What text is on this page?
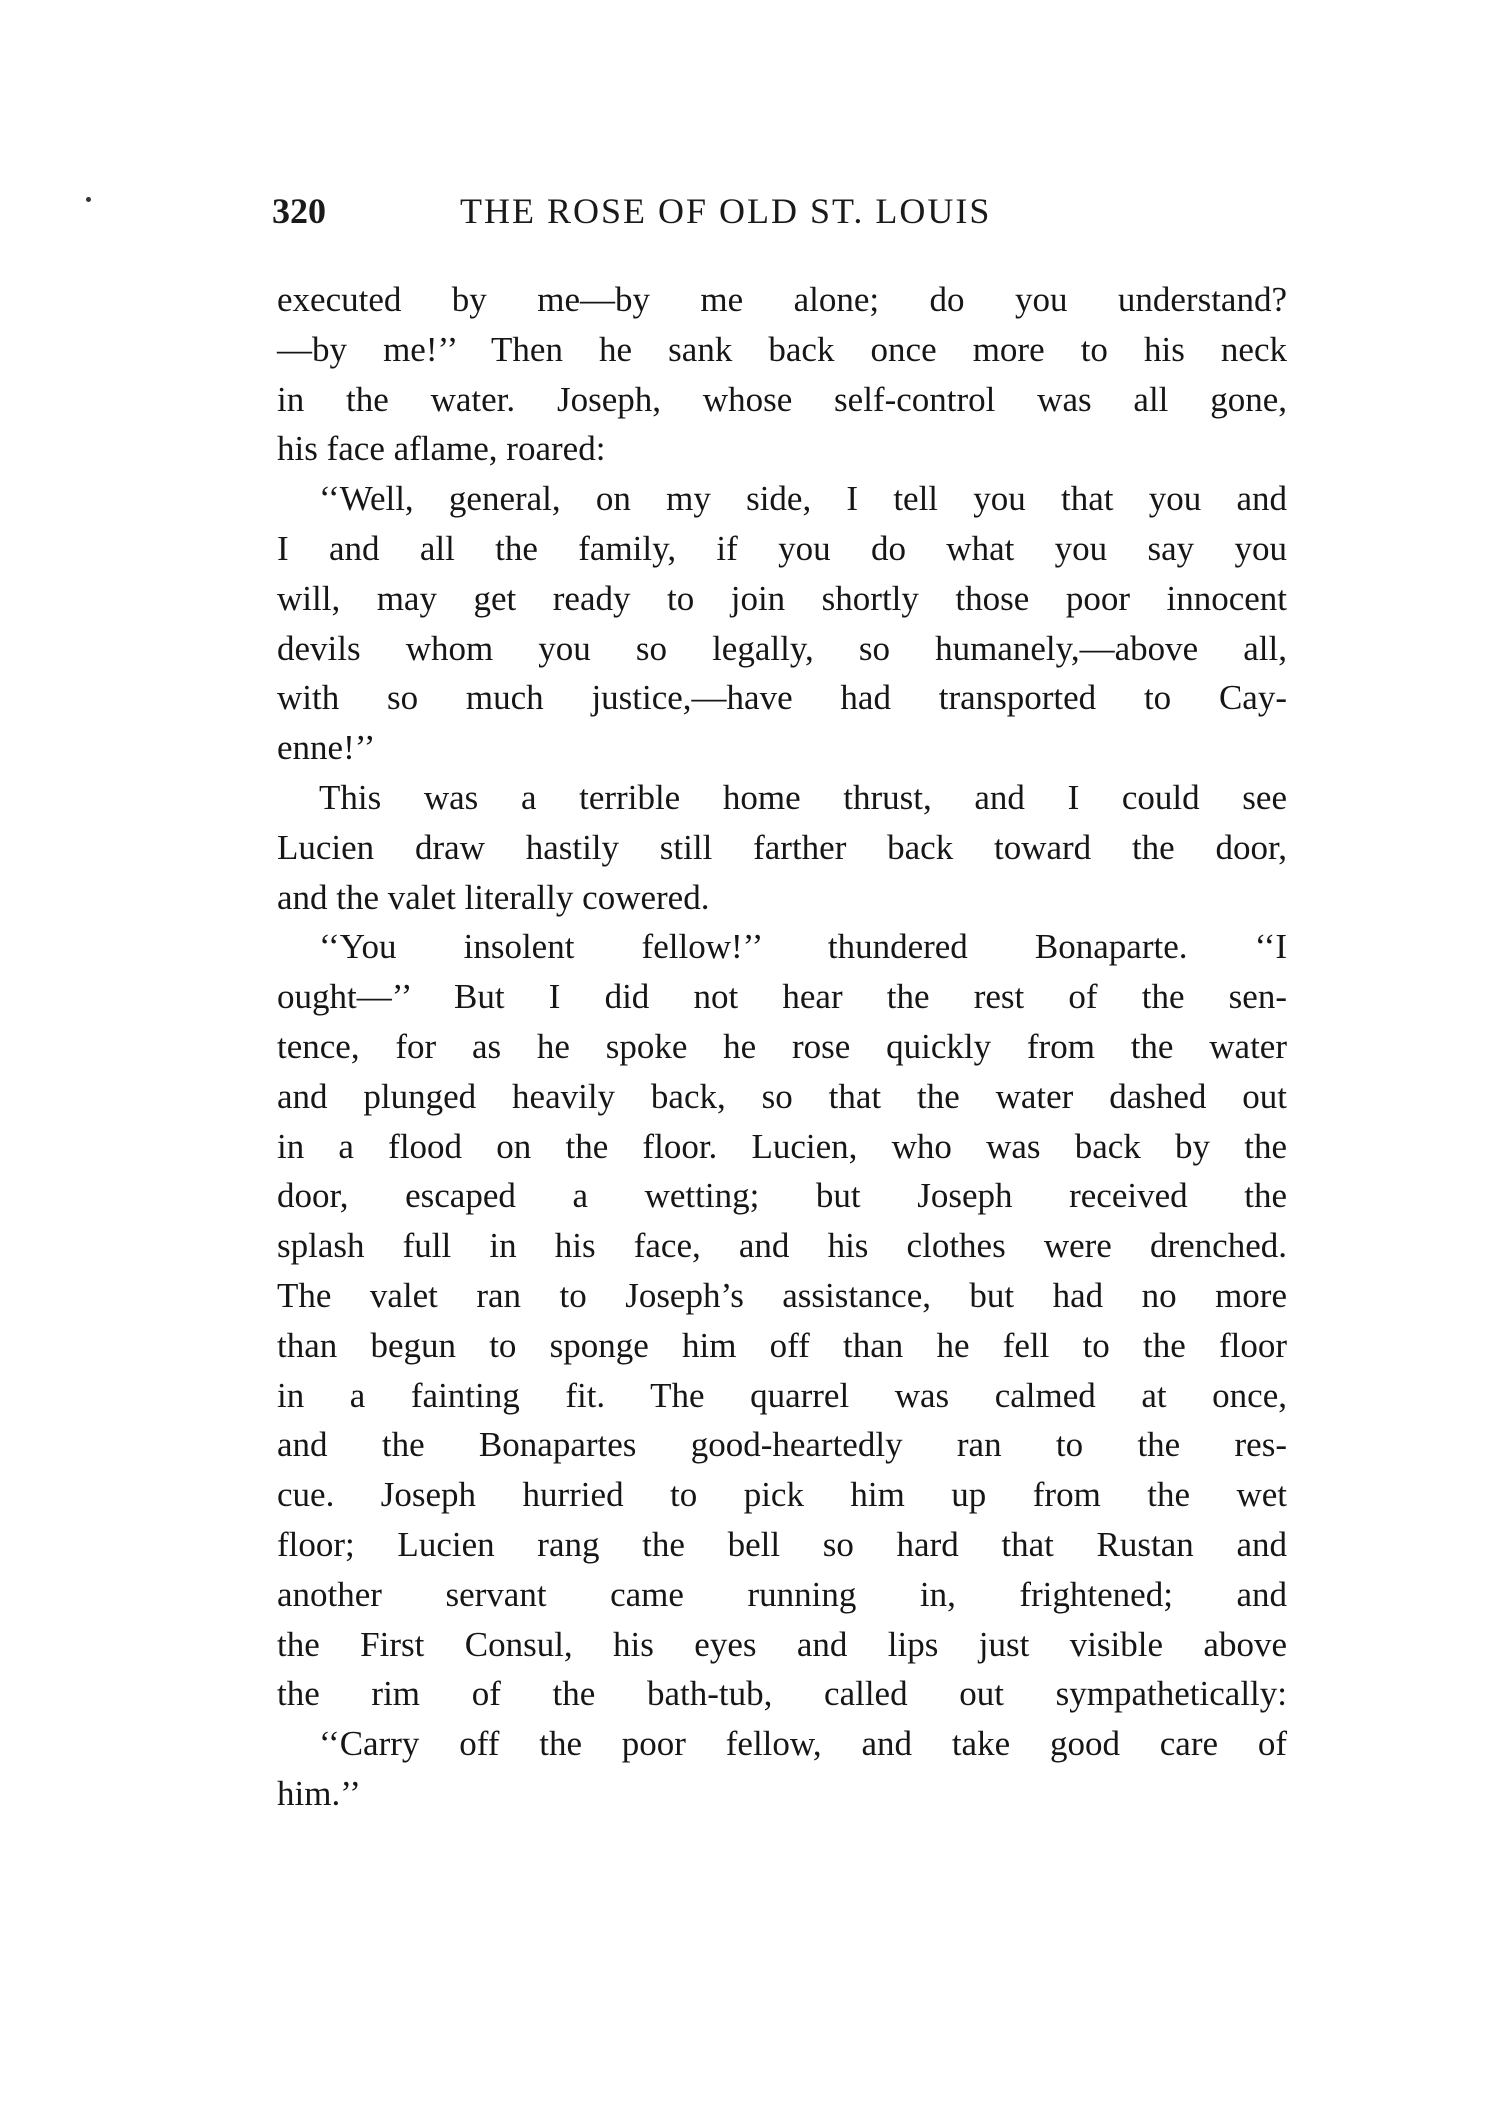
320	THE ROSE OF OLD ST. LOUIS
executed by me—by me alone; do you understand?
—by me!’’ Then he sank back once more to his neck
in the water. Joseph, whose self-control was all gone,
his face aflame, roared:
‘‘Well, general, on my side, I tell you that you and
I and all the family, if you do what you say you
will, may get ready to join shortly those poor innocent
devils whom you so legally, so humanely,—above all,
with so much justice,—have had transported to Cay-
enne!’’
This was a terrible home thrust, and I could see
Lucien draw hastily still farther back toward the door,
and the valet literally cowered.
‘‘You insolent fellow!’’ thundered Bonaparte. ‘‘I
ought—’’ But I did not hear the rest of the sen-
tence, for as he spoke he rose quickly from the water
and plunged heavily back, so that the water dashed out
in a flood on the floor. Lucien, who was back by the
door, escaped a wetting; but Joseph received the
splash full in his face, and his clothes were drenched.
The valet ran to Joseph’s assistance, but had no more
than begun to sponge him off than he fell to the floor
in a fainting fit. The quarrel was calmed at once,
and the Bonapartes good-heartedly ran to the res-
cue. Joseph hurried to pick him up from the wet
floor; Lucien rang the bell so hard that Rustan and
another servant came running in, frightened; and
the First Consul, his eyes and lips just visible above
the rim of the bath-tub, called out sympathetically:
‘‘Carry off the poor fellow, and take good care of
him.’’
